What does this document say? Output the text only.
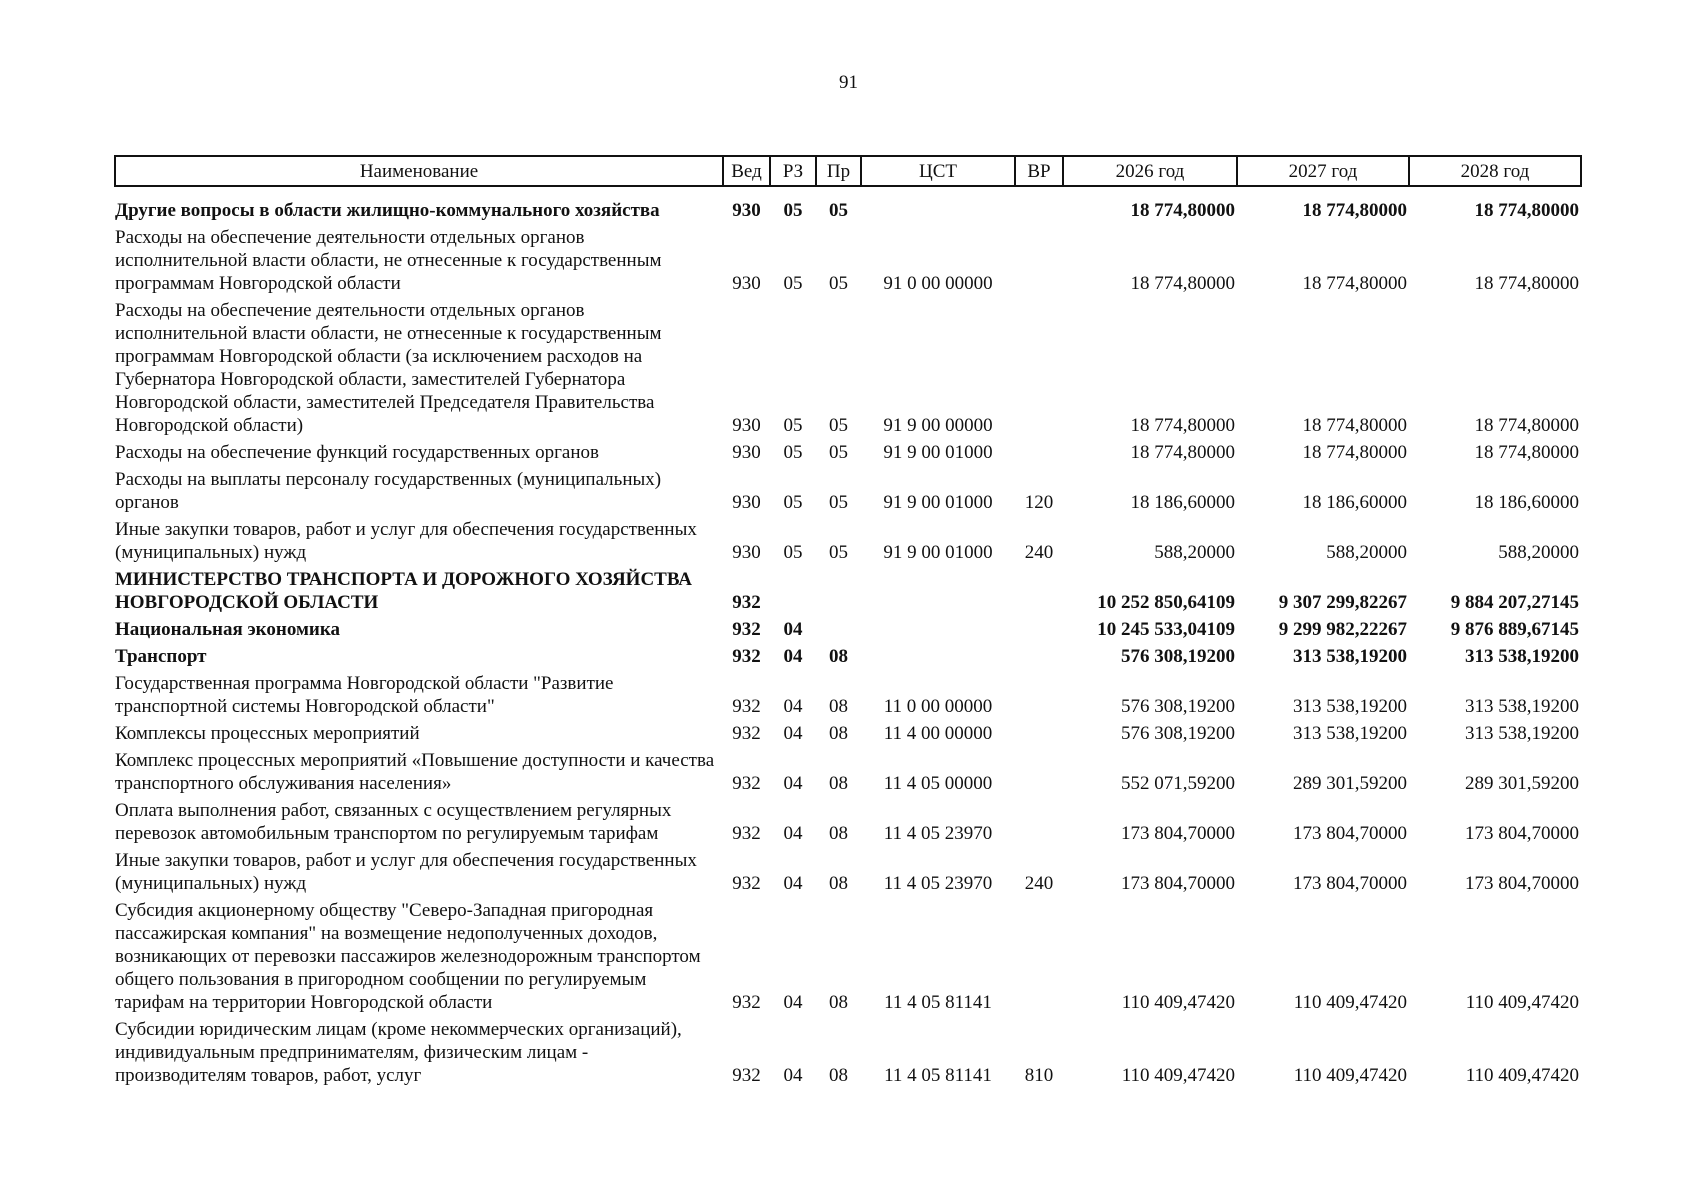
91
Наименование	Вед	РЗ	Пр	ЦСТ	ВР	2026 год	2027 год	2028 год

Другие вопросы в области жилищно-коммунального хозяйства	930	05	05			18 774,80000	18 774,80000	18 774,80000
Расходы на обеспечение деятельности отдельных органов исполнительной власти области, не отнесенные к государственным программам Новгородской области	930	05	05	91 0 00 00000		18 774,80000	18 774,80000	18 774,80000
Расходы на обеспечение деятельности отдельных органов исполнительной власти области, не отнесенные к государственным программам Новгородской области (за исключением расходов на Губернатора Новгородской области, заместителей Губернатора Новгородской области, заместителей Председателя Правительства Новгородской области)	930	05	05	91 9 00 00000		18 774,80000	18 774,80000	18 774,80000
Расходы на обеспечение функций государственных органов	930	05	05	91 9 00 01000		18 774,80000	18 774,80000	18 774,80000
Расходы на выплаты персоналу государственных (муниципальных) органов	930	05	05	91 9 00 01000	120	18 186,60000	18 186,60000	18 186,60000
Иные закупки товаров, работ и услуг для обеспечения государственных (муниципальных) нужд	930	05	05	91 9 00 01000	240	588,20000	588,20000	588,20000
МИНИСТЕРСТВО ТРАНСПОРТА И ДОРОЖНОГО ХОЗЯЙСТВА НОВГОРОДСКОЙ ОБЛАСТИ	932					10 252 850,64109	9 307 299,82267	9 884 207,27145
Национальная экономика	932	04				10 245 533,04109	9 299 982,22267	9 876 889,67145
Транспорт	932	04	08			576 308,19200	313 538,19200	313 538,19200
Государственная программа Новгородской области "Развитие транспортной системы Новгородской области"	932	04	08	11 0 00 00000		576 308,19200	313 538,19200	313 538,19200
Комплексы процессных мероприятий	932	04	08	11 4 00 00000		576 308,19200	313 538,19200	313 538,19200
Комплекс процессных мероприятий «Повышение доступности и качества транспортного обслуживания населения»	932	04	08	11 4 05 00000		552 071,59200	289 301,59200	289 301,59200
Оплата выполнения работ, связанных с осуществлением регулярных перевозок автомобильным транспортом по регулируемым тарифам	932	04	08	11 4 05 23970		173 804,70000	173 804,70000	173 804,70000
Иные закупки товаров, работ и услуг для обеспечения государственных (муниципальных) нужд	932	04	08	11 4 05 23970	240	173 804,70000	173 804,70000	173 804,70000
Субсидия акционерному обществу "Северо-Западная пригородная пассажирская компания" на возмещение недополученных доходов, возникающих от перевозки пассажиров железнодорожным транспортом общего пользования в пригородном сообщении по регулируемым тарифам на территории Новгородской области	932	04	08	11 4 05 81141		110 409,47420	110 409,47420	110 409,47420
Субсидии юридическим лицам (кроме некоммерческих организаций), индивидуальным предпринимателям, физическим лицам - производителям товаров, работ, услуг	932	04	08	11 4 05 81141	810	110 409,47420	110 409,47420	110 409,47420
